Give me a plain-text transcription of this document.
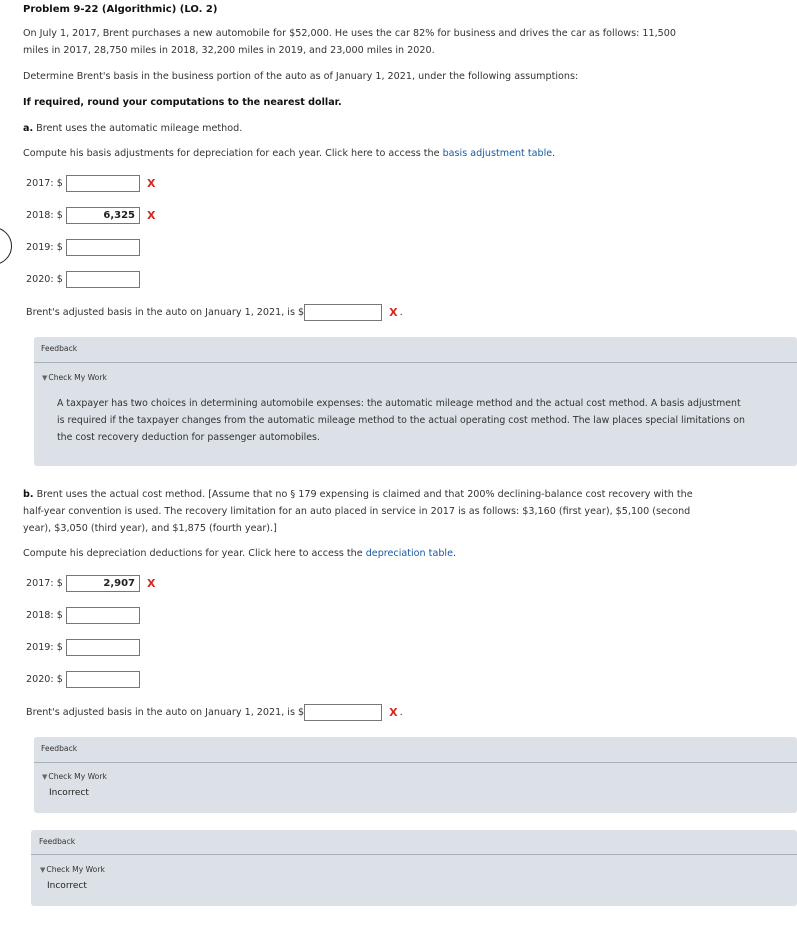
Problem 9-22 (Algorithmic) (LO. 2)
On July 1, 2017, Brent purchases a new automobile for $52,000. He uses the car 82% for business and drives the car as follows: 11,500
miles in 2017, 28,750 miles in 2018, 32,200 miles in 2019, and 23,000 miles in 2020.
Determine Brent's basis in the business portion of the auto as of January 1, 2021, under the following assumptions:
If required, round your computations to the nearest dollar.
a. Brent uses the automatic mileage method.
Compute his basis adjustments for depreciation for each year. Click here to access the basis adjustment table.
2017: $	X
2018: $	6,325	X
2019: $
2020: $
Brent's adjusted basis in the auto on January 1, 2021, is $	X .
Feedback
▼Check My Work
A taxpayer has two choices in determining automobile expenses: the automatic mileage method and the actual cost method. A basis adjustment
is required if the taxpayer changes from the automatic mileage method to the actual operating cost method. The law places special limitations on
the cost recovery deduction for passenger automobiles.
b. Brent uses the actual cost method. [Assume that no § 179 expensing is claimed and that 200% declining-balance cost recovery with the
half-year convention is used. The recovery limitation for an auto placed in service in 2017 is as follows: $3,160 (first year), $5,100 (second
year), $3,050 (third year), and $1,875 (fourth year).]
Compute his depreciation deductions for year. Click here to access the depreciation table.
2017: $	2,907	X
2018: $
2019: $
2020: $
Brent's adjusted basis in the auto on January 1, 2021, is $	X .
Feedback
▼Check My Work
Incorrect
Feedback
▼Check My Work
Incorrect
